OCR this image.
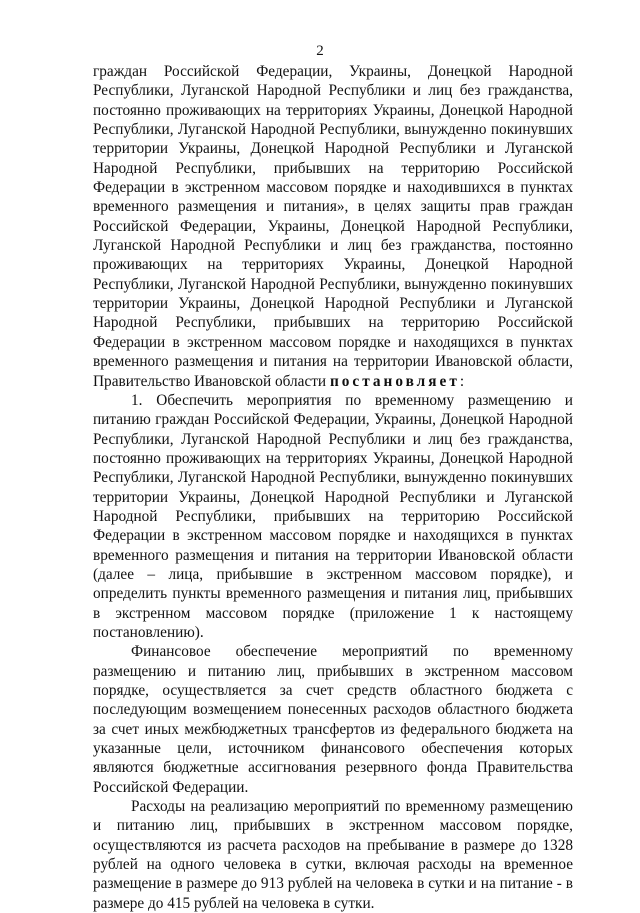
2

граждан Российской Федерации, Украины, Донецкой Народной Республики, Луганской Народной Республики и лиц без гражданства, постоянно проживающих на территориях Украины, Донецкой Народной Республики, Луганской Народной Республики, вынужденно покинувших территории Украины, Донецкой Народной Республики и Луганской Народной Республики, прибывших на территорию Российской Федерации в экстренном массовом порядке и находившихся в пунктах временного размещения и питания», в целях защиты прав граждан Российской Федерации, Украины, Донецкой Народной Республики, Луганской Народной Республики и лиц без гражданства, постоянно проживающих на территориях Украины, Донецкой Народной Республики, Луганской Народной Республики, вынужденно покинувших территории Украины, Донецкой Народной Республики и Луганской Народной Республики, прибывших на территорию Российской Федерации в экстренном массовом порядке и находящихся в пунктах временного размещения и питания на территории Ивановской области, Правительство Ивановской области постановляет:

1. Обеспечить мероприятия по временному размещению и питанию граждан Российской Федерации, Украины, Донецкой Народной Республики, Луганской Народной Республики и лиц без гражданства, постоянно проживающих на территориях Украины, Донецкой Народной Республики, Луганской Народной Республики, вынужденно покинувших территории Украины, Донецкой Народной Республики и Луганской Народной Республики, прибывших на территорию Российской Федерации в экстренном массовом порядке и находящихся в пунктах временного размещения и питания на территории Ивановской области (далее – лица, прибывшие в экстренном массовом порядке), и определить пункты временного размещения и питания лиц, прибывших в экстренном массовом порядке (приложение 1 к настоящему постановлению).

Финансовое обеспечение мероприятий по временному размещению и питанию лиц, прибывших в экстренном массовом порядке, осуществляется за счет средств областного бюджета с последующим возмещением понесенных расходов областного бюджета за счет иных межбюджетных трансфертов из федерального бюджета на указанные цели, источником финансового обеспечения которых являются бюджетные ассигнования резервного фонда Правительства Российской Федерации.

Расходы на реализацию мероприятий по временному размещению и питанию лиц, прибывших в экстренном массовом порядке, осуществляются из расчета расходов на пребывание в размере до 1328 рублей на одного человека в сутки, включая расходы на временное размещение в размере до 913 рублей на человека в сутки и на питание - в размере до 415 рублей на человека в сутки.
